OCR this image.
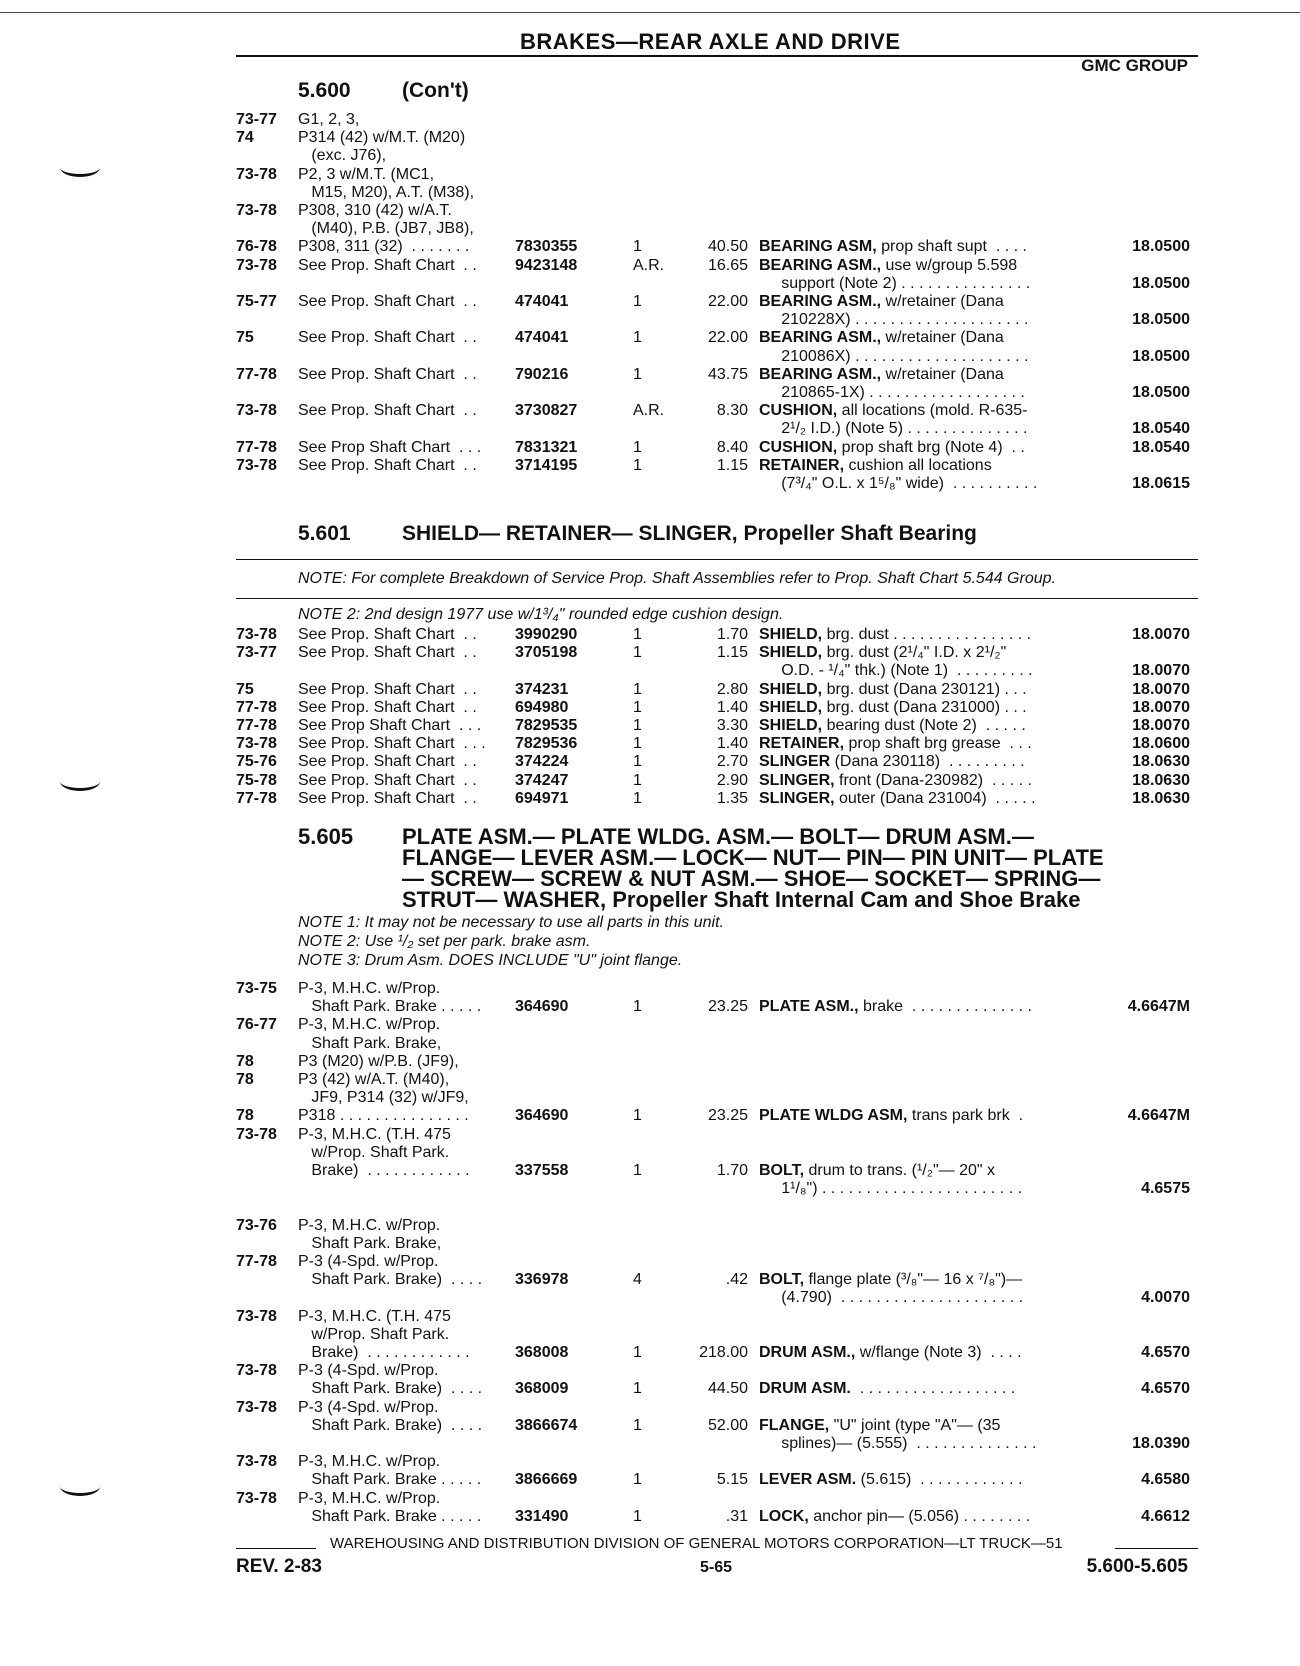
BRAKES—REAR AXLE AND DRIVE
GMC GROUP
5.600 (Con't)
73-77 G1, 2, 3,
74	P314 (42) w/M.T. (M20)
(exc. J76),
73-78 P2, 3 w/M.T. (MC1,
M15, M20), A.T. (M38),
73-78 P308, 310 (42) w/A.T.
(M40), P.B. (JB7, JB8),
76-78 P308, 311 (32)  . . . . . . .	7830355	1	40.50 BEARING ASM, prop shaft supt  . . . .	18.0500
73-78 See Prop. Shaft Chart  . . 9423148	A.R.	16.65 BEARING ASM., use w/group 5.598
support (Note 2) . . . . . . . . . . . . . . .	18.0500
75-77 See Prop. Shaft Chart  . . 474041	1	22.00 BEARING ASM., w/retainer (Dana
210228X) . . . . . . . . . . . . . . . . . . . .	18.0500
75	See Prop. Shaft Chart  . . 474041	1	22.00 BEARING ASM., w/retainer (Dana
210086X) . . . . . . . . . . . . . . . . . . . .	18.0500
77-78 See Prop. Shaft Chart  . . 790216	1	43.75 BEARING ASM., w/retainer (Dana
210865-1X) . . . . . . . . . . . . . . . . . .	18.0500
73-78 See Prop. Shaft Chart  . . 3730827	A.R.	8.30 CUSHION, all locations (mold. R-635-
2¹/₂ I.D.) (Note 5) . . . . . . . . . . . . . .	18.0540
77-78 See Prop Shaft Chart  . . . 7831321	1	8.40 CUSHION, prop shaft brg (Note 4)  . .	18.0540
73-78 See Prop. Shaft Chart  . . 3714195	1	1.15 RETAINER, cushion all locations
(7³/₄" O.L. x 1⁵/₈" wide)  . . . . . . . . . .	18.0615
5.601 SHIELD— RETAINER— SLINGER, Propeller Shaft Bearing
NOTE: For complete Breakdown of Service Prop. Shaft Assemblies refer to Prop. Shaft Chart 5.544 Group.
NOTE 2: 2nd design 1977 use w/1³/₄" rounded edge cushion design.
73-78 See Prop. Shaft Chart  . . 3990290	1	1.70 SHIELD, brg. dust . . . . . . . . . . . . . . . .	18.0070
73-77 See Prop. Shaft Chart  . . 3705198	1	1.15 SHIELD, brg. dust (2¹/₄" I.D. x 2¹/₂"
O.D. - ¹/₄" thk.) (Note 1)  . . . . . . . . .	18.0070
75	See Prop. Shaft Chart  . . 374231	1	2.80 SHIELD, brg. dust (Dana 230121) . . .	18.0070
77-78 See Prop. Shaft Chart  . . 694980	1	1.40 SHIELD, brg. dust (Dana 231000) . . .	18.0070
77-78 See Prop Shaft Chart  . . . 7829535	1	3.30 SHIELD, bearing dust (Note 2)  . . . . .	18.0070
73-78 See Prop. Shaft Chart  . . . 7829536	1	1.40 RETAINER, prop shaft brg grease  . . .	18.0600
75-76 See Prop. Shaft Chart  . . 374224	1	2.70 SLINGER (Dana 230118)  . . . . . . . . .	18.0630
75-78 See Prop. Shaft Chart  . . 374247	1	2.90 SLINGER, front (Dana-230982)  . . . . .	18.0630
77-78 See Prop. Shaft Chart  . . 694971	1	1.35 SLINGER, outer (Dana 231004)  . . . . .	18.0630
5.605 PLATE ASM.— PLATE WLDG. ASM.— BOLT— DRUM ASM.— FLANGE— LEVER ASM.— LOCK— NUT— PIN— PIN UNIT— PLATE— SCREW— SCREW & NUT ASM.— SHOE— SOCKET— SPRING— STRUT— WASHER, Propeller Shaft Internal Cam and Shoe Brake
NOTE 1: It may not be necessary to use all parts in this unit.
NOTE 2: Use ¹/₂ set per park. brake asm.
NOTE 3: Drum Asm. DOES INCLUDE "U" joint flange.
73-75 P-3, M.H.C. w/Prop.
Shaft Park. Brake . . . . . 364690	1	23.25 PLATE ASM., brake  . . . . . . . . . . . . . .	4.6647M
76-77 P-3, M.H.C. w/Prop.
Shaft Park. Brake,
78	P3 (M20) w/P.B. (JF9),
78	P3 (42) w/A.T. (M40),
JF9, P314 (32) w/JF9,
78	P318 . . . . . . . . . . . . . . .	364690	1	23.25 PLATE WLDG ASM, trans park brk  .	4.6647M
73-78 P-3, M.H.C. (T.H. 475
w/Prop. Shaft Park.
Brake)  . . . . . . . . . . . .	337558	1	1.70 BOLT, drum to trans. (¹/₂"— 20" x
1¹/₈") . . . . . . . . . . . . . . . . . . . . . . .	4.6575
73-76 P-3, M.H.C. w/Prop.
Shaft Park. Brake,
77-78 P-3 (4-Spd. w/Prop.
Shaft Park. Brake)  . . . . 336978	4	.42 BOLT, flange plate (³/₈"— 16 x ⁷/₈")—
(4.790)  . . . . . . . . . . . . . . . . . . . . .	4.0070
73-78 P-3, M.H.C. (T.H. 475
w/Prop. Shaft Park.
Brake)  . . . . . . . . . . . .	368008	1	218.00 DRUM ASM., w/flange (Note 3)  . . . .	4.6570
73-78 P-3 (4-Spd. w/Prop.
Shaft Park. Brake)  . . . . 368009	1	44.50 DRUM ASM.  . . . . . . . . . . . . . . . . . .	4.6570
73-78 P-3 (4-Spd. w/Prop.
Shaft Park. Brake)  . . . . 3866674	1	52.00 FLANGE, "U" joint (type "A"— (35
splines)— (5.555)  . . . . . . . . . . . . . .	18.0390
73-78 P-3, M.H.C. w/Prop.
Shaft Park. Brake . . . . . 3866669	1	5.15 LEVER ASM. (5.615)  . . . . . . . . . . . .	4.6580
73-78 P-3, M.H.C. w/Prop.
Shaft Park. Brake . . . . . 331490	1	.31 LOCK, anchor pin— (5.056) . . . . . . . .	4.6612
WAREHOUSING AND DISTRIBUTION DIVISION OF GENERAL MOTORS CORPORATION—LT TRUCK—51
REV. 2-83	5-65	5.600-5.605
